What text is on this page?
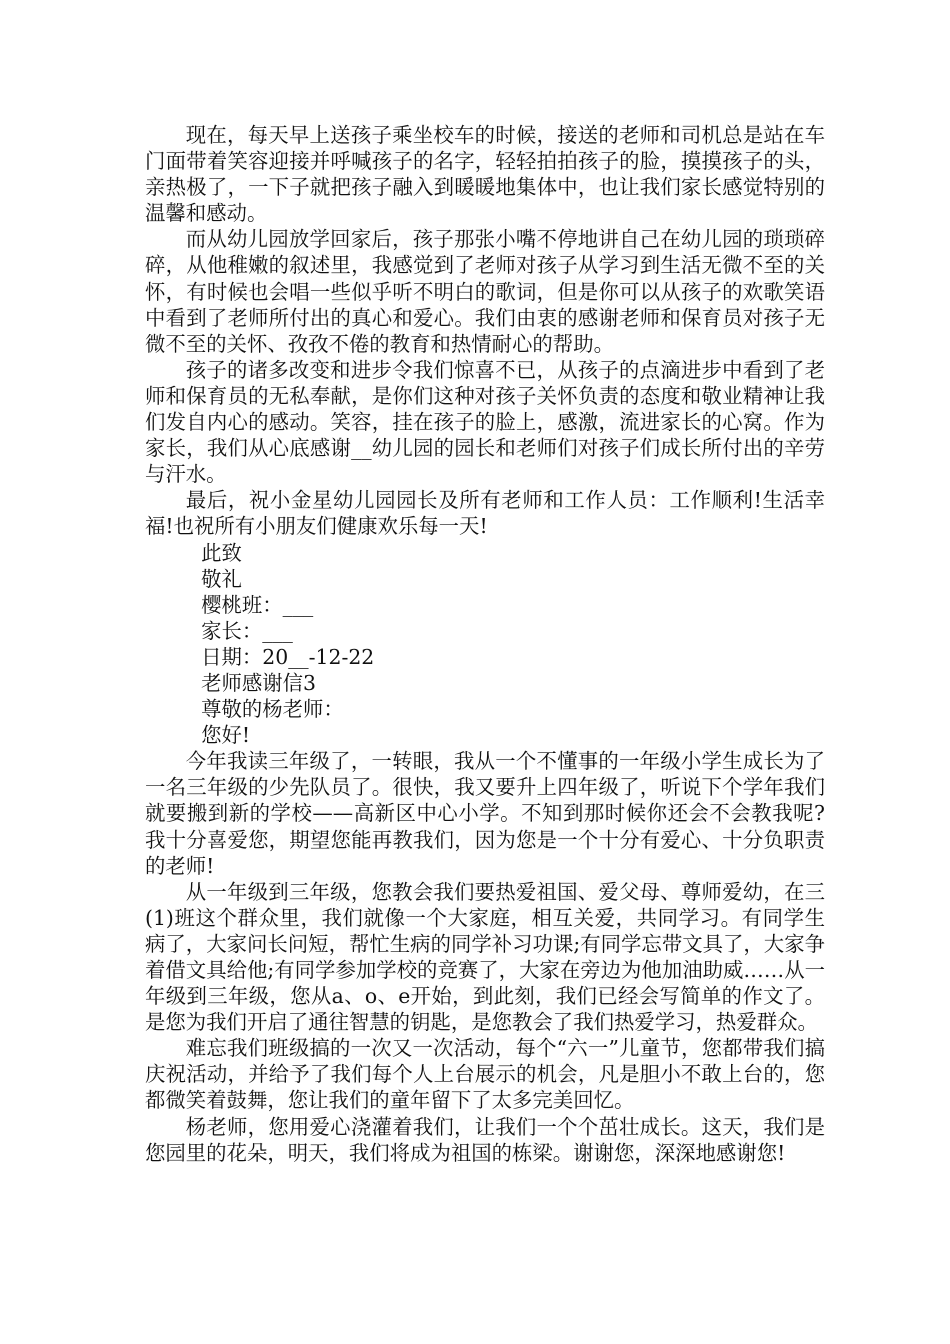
现在，每天早上送孩子乘坐校车的时候，接送的老师和司机总是站在车门面带着笑容迎接并呼喊孩子的名字，轻轻拍拍孩子的脸，摸摸孩子的头，亲热极了，一下子就把孩子融入到暖暖地集体中，也让我们家长感觉特别的温馨和感动。

而从幼儿园放学回家后，孩子那张小嘴不停地讲自己在幼儿园的琐琐碎碎，从他稚嫩的叙述里，我感觉到了老师对孩子从学习到生活无微不至的关怀，有时候也会唱一些似乎听不明白的歌词，但是你可以从孩子的欢歌笑语中看到了老师所付出的真心和爱心。我们由衷的感谢老师和保育员对孩子无微不至的关怀、孜孜不倦的教育和热情耐心的帮助。

孩子的诸多改变和进步令我们惊喜不已，从孩子的点滴进步中看到了老师和保育员的无私奉献，是你们这种对孩子关怀负责的态度和敬业精神让我们发自内心的感动。笑容，挂在孩子的脸上，感激，流进家长的心窝。作为家长，我们从心底感谢__幼儿园的园长和老师们对孩子们成长所付出的辛劳与汗水。

最后，祝小金星幼儿园园长及所有老师和工作人员：工作顺利!生活幸福!也祝所有小朋友们健康欢乐每一天!

此致

敬礼

樱桃班：___

家长：___

日期：20__-12-22

老师感谢信3

尊敬的杨老师：

您好!

今年我读三年级了，一转眼，我从一个不懂事的一年级小学生成长为了一名三年级的少先队员了。很快，我又要升上四年级了，听说下个学年我们就要搬到新的学校——高新区中心小学。不知到那时候你还会不会教我呢?我十分喜爱您，期望您能再教我们，因为您是一个十分有爱心、十分负职责的老师!

从一年级到三年级，您教会我们要热爱祖国、爱父母、尊师爱幼，在三(1)班这个群众里，我们就像一个大家庭，相互关爱，共同学习。有同学生病了，大家问长问短，帮忙生病的同学补习功课;有同学忘带文具了，大家争着借文具给他;有同学参加学校的竞赛了，大家在旁边为他加油助威……从一年级到三年级，您从a、o、e开始，到此刻，我们已经会写简单的作文了。是您为我们开启了通往智慧的钥匙，是您教会了我们热爱学习，热爱群众。

难忘我们班级搞的一次又一次活动，每个“六一”儿童节，您都带我们搞庆祝活动，并给予了我们每个人上台展示的机会，凡是胆小不敢上台的，您都微笑着鼓舞，您让我们的童年留下了太多完美回忆。

杨老师，您用爱心浇灌着我们，让我们一个个茁壮成长。这天，我们是您园里的花朵，明天，我们将成为祖国的栋梁。谢谢您，深深地感谢您!
